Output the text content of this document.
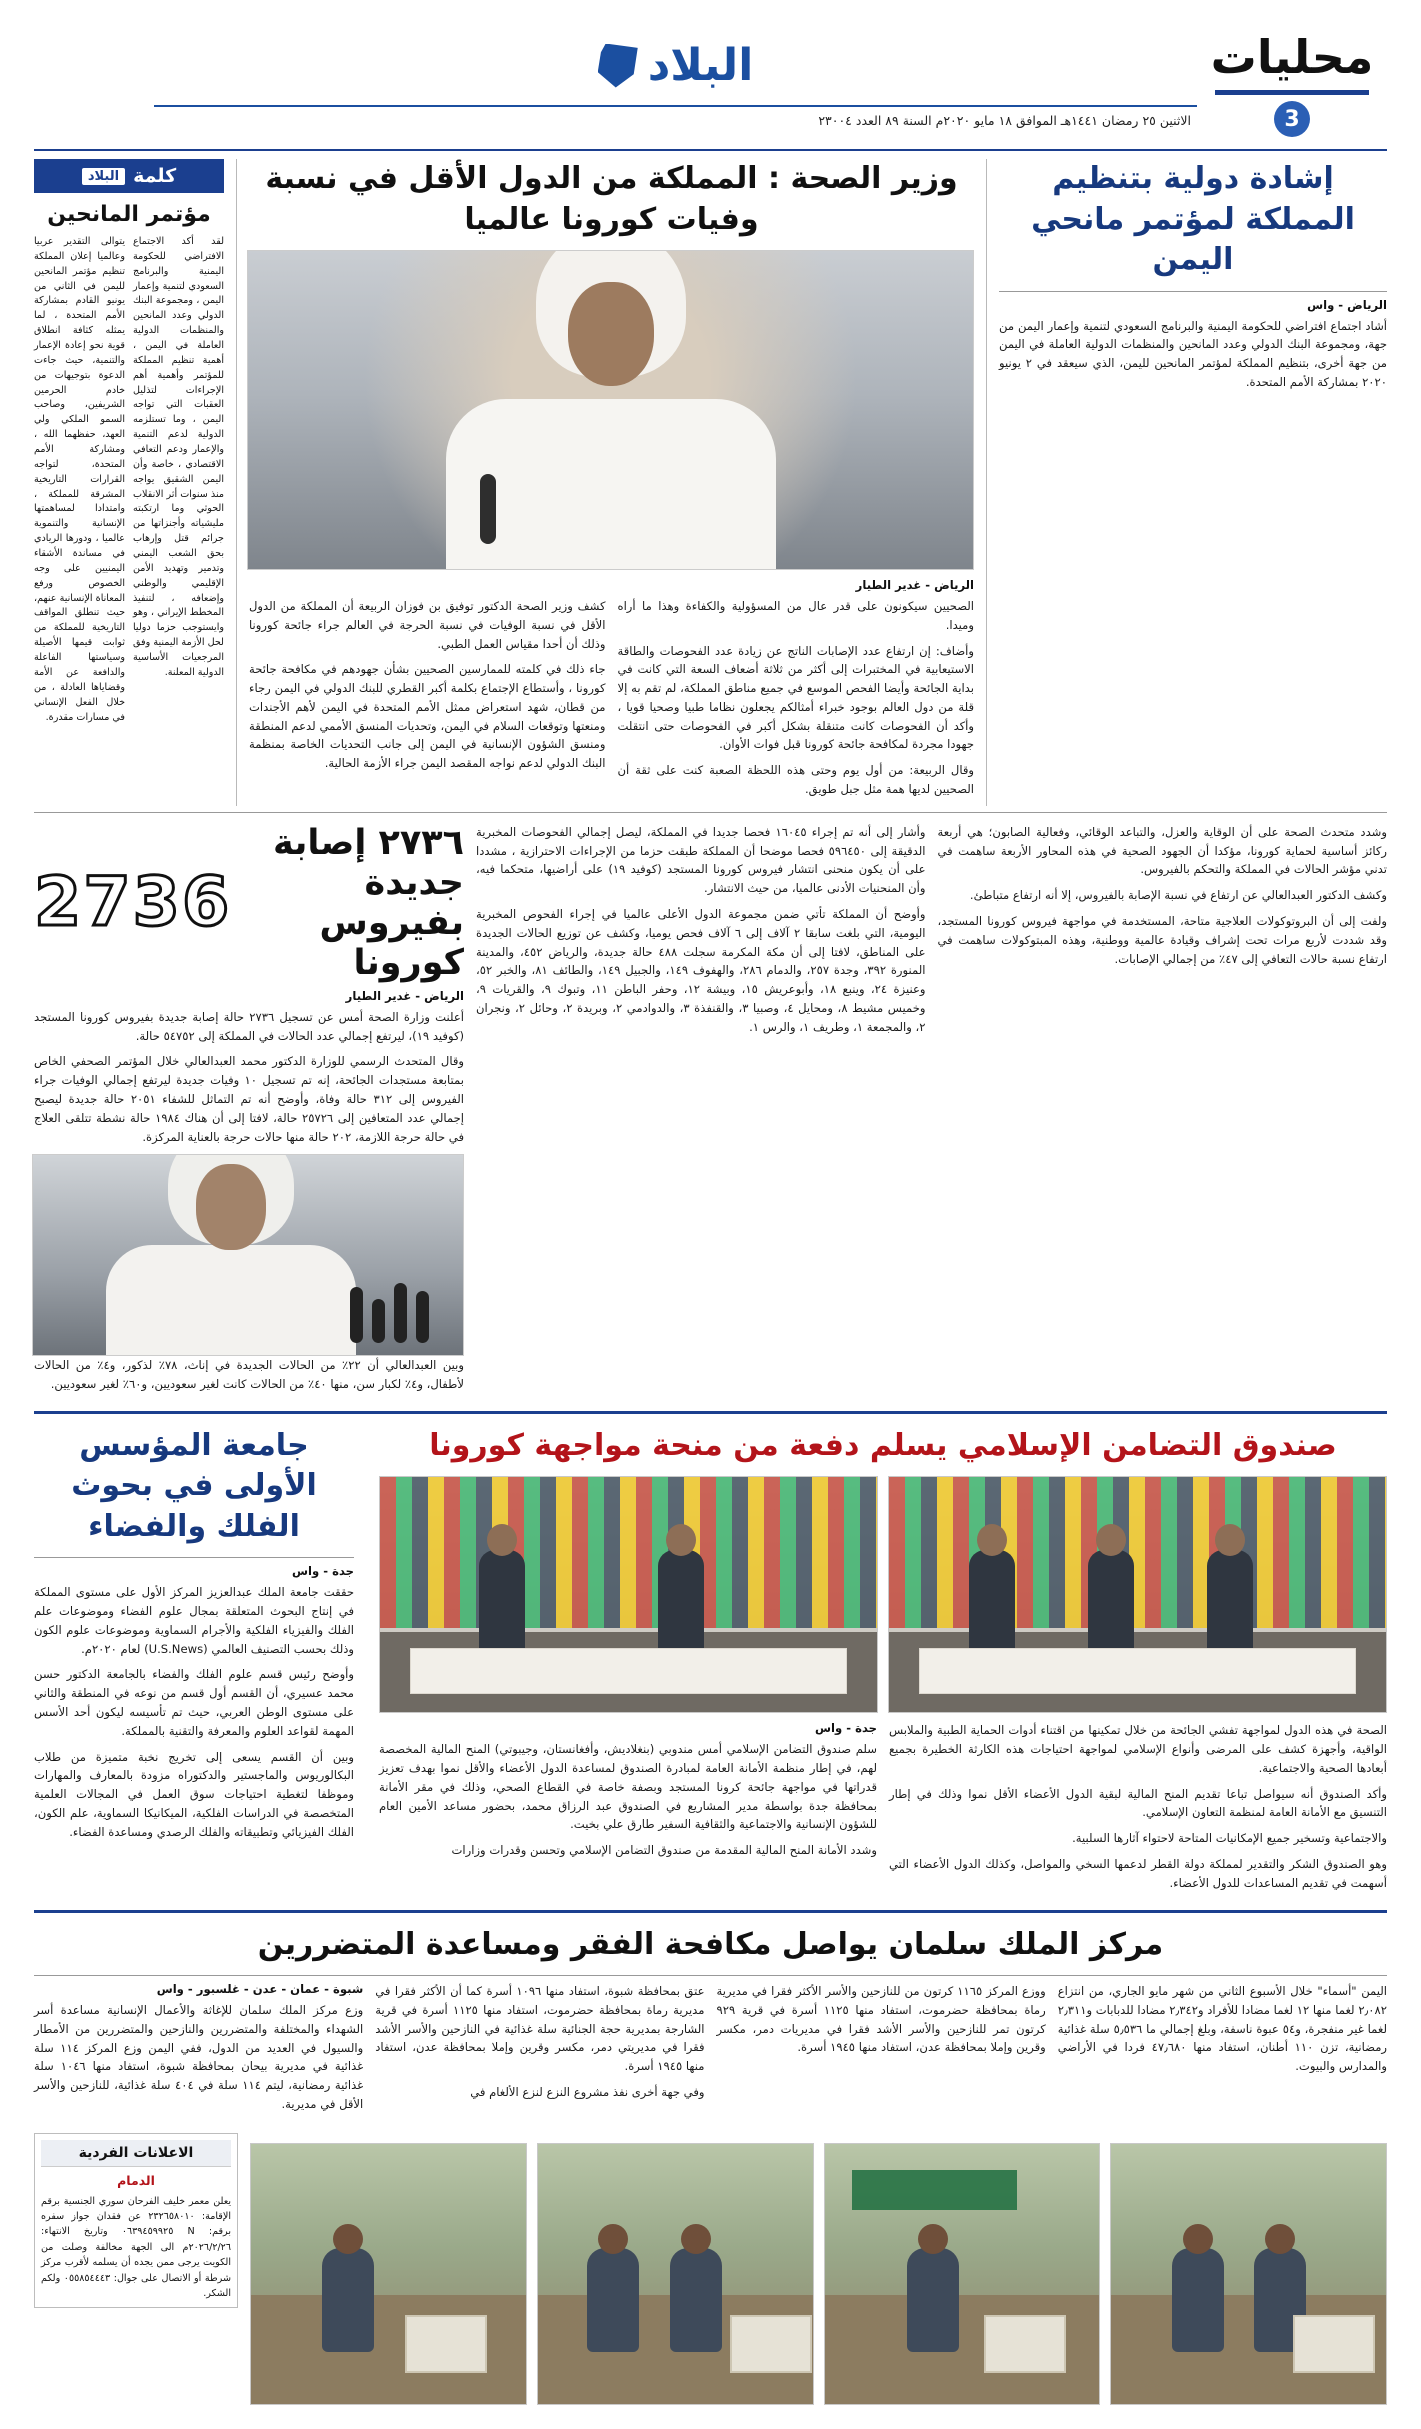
محليات
3
البلاد
الاثنين ٢٥ رمضان ١٤٤١هـ الموافق ١٨ مايو ٢٠٢٠م السنة ٨٩ العدد ٢٣٠٠٤
إشادة دولية بتنظيم المملكة لمؤتمر مانحي اليمن
الرياض - واس

أشاد اجتماع افتراضي للحكومة اليمنية والبرنامج السعودي لتنمية وإعمار اليمن من جهة، ومجموعة البنك الدولي وعدد المانحين والمنظمات الدولية العاملة في اليمن من جهة أخرى، بتنظيم المملكة لمؤتمر المانحين لليمن، الذي سيعقد في ٢ يونيو ٢٠٢٠ بمشاركة الأمم المتحدة.

وزير الصحة : المملكة من الدول الأقل في نسبة وفيات كورونا عالميا
الرياض - غدير الطيار

الصحيين سيكونون على قدر عال من المسؤولية والكفاءة وهذا ما أراه وميدا.

وأضاف: إن ارتفاع عدد الإصابات الناتج عن زيادة عدد الفحوصات والطاقة الاستيعابية في المختبرات إلى أكثر من ثلاثة أضعاف السعة التي كانت في بداية الجائحة وأيضا الفحص الموسع في جميع مناطق المملكة، لم تقم به إلا قلة من دول العالم بوجود خبراء أمثالكم يجعلون نظاما طبيا وصحيا قويا ، وأكد أن الفحوصات كانت متنقلة بشكل أكبر في الفحوصات حتى انتقلت جهودا مجردة لمكافحة جائحة كورونا قبل فوات الأوان.

وقال الربيعة: من أول يوم وحتى هذه اللحظة الصعبة كنت على ثقة أن الصحيين لديها همة مثل جبل طويق.

كشف وزير الصحة الدكتور توفيق بن فوزان الربيعة أن المملكة من الدول الأقل في نسبة الوفيات في نسبة الحرجة في العالم جراء جائحة كورونا وذلك أن أحدا مقياس العمل الطبي.

جاء ذلك في كلمته للممارسين الصحيين بشأن جهودهم في مكافحة جائحة كورونا ، وأستطاع الإجتماع بكلمة أكبر القطري للبنك الدولي في اليمن رجاء من قطان، شهد استعراض ممثل الأمم المتحدة في اليمن لأهم الأجندات ومنعتها وتوقعات السلام في اليمن، وتحديات المنسق الأممي لدعم المنطقة ومنسق الشؤون الإنسانية في اليمن إلى جانب التحديات الخاصة بمنظمة البنك الدولي لدعم نواجه المقصد اليمن جراء الأزمة الحالية.

كلمة
البلاد
مؤتمر المانحين

لقد أكد الاجتماع الافتراضي للحكومة اليمنية والبرنامج السعودي لتنمية وإعمار اليمن ، ومجموعة البنك الدولي وعدد المانحين والمنظمات الدولية العاملة في اليمن ، أهمية تنظيم المملكة للمؤتمر وأهمية أهم الإجراءات لتذليل العقبات التي تواجه اليمن ، وما تستلزمه الدولية لدعم التنمية والإعمار ودعم التعافي الاقتصادي ، خاصة وأن اليمن الشقيق يواجه منذ سنوات أثر الانقلاب الحوثي وما ارتكبته مليشياته وأجنزاتها من جرائم قتل وإرهاب بحق الشعب اليمني وتدمير وتهديد الأمن الإقليمي والوطني وإضعافه ، لتنفيذ المخطط الإيراني ، وهو وايستوجب حزما دوليا لحل الأزمة اليمنية وفق المرجعيات الأساسية الدولية المعلنة.

يتوالى التقدير عربيا وعالميا إعلان المملكة تنظيم مؤتمر المانحين لليمن في الثاني من يونيو القادم بمشاركة الأمم المتحدة ، لما يمثله كثافة انطلاق قوية نحو إعادة الإعمار والتنمية، حيث جاءت الدعوة بتوجيهات من خادم الحرمين الشريفين، وصاحب السمو الملكي ولي العهد، حفظهما الله ، ومشاركة الأمم المتحدة، لتواجه القرارات التاريخية المشرقة للمملكة ، وامتدادا لمساهمتها الإنسانية والتنموية عالميا ، ودورها الريادي في مساندة الأشقاء اليمنيين على وجه الخصوص ورفع المعاناة الإنسانية عنهم، حيث تنطلق المواقف التاريخية للمملكة من ثوابت قيمها الأصيلة وسياستها الفاعلة والدافعة عن الأمة وقضاياها العادلة ، من خلال الفعل الإنساني في مسارات مقدرة.

وشدد متحدث الصحة على أن الوقاية والعزل، والتباعد الوقائي، وفعالية الصابون؛ هي أربعة ركائز أساسية لحماية كورونا، مؤكدا أن الجهود الصحية في هذه المحاور الأربعة ساهمت في تدني مؤشر الحالات في المملكة والتحكم بالفيروس.

وكشف الدكتور العبدالعالي عن ارتفاع في نسبة الإصابة بالفيروس، إلا أنه ارتفاع متباطئ.

ولفت إلى أن البروتوكولات العلاجية متاحة، المستخدمة في مواجهة فيروس كورونا المستجد، وقد شددت لأربع مرات تحت إشراف وقيادة عالمية ووطنية، وهذه المبتوكولات ساهمت في ارتفاع نسبة حالات التعافي إلى ٤٧٪ من إجمالي الإصابات.

وأشار إلى أنه تم إجراء ١٦٠٤٥ فحصا جديدا في المملكة، ليصل إجمالي الفحوصات المخبرية الدقيقة إلى ٥٩٦٤٥٠ فحصا موضحا أن المملكة طبقت حزما من الإجراءات الاحترازية ، مشددا على أن يكون منحنى انتشار فيروس كورونا المستجد (كوفيد ١٩) على أراضيها، متحكما فيه، وأن المنحنيات الأدنى عالميا، من حيث الانتشار.

وأوضح أن المملكة تأتي ضمن مجموعة الدول الأعلى عالميا في إجراء الفحوص المخبرية اليومية، التي بلغت سابقا ٢ آلاف إلى ٦ آلاف فحص يوميا، وكشف عن توزيع الحالات الجديدة على المناطق، لافتا إلى أن مكة المكرمة سجلت ٤٨٨ حالة جديدة، والرياض ٤٥٢، والمدينة المنورة ٣٩٢، وجدة ٢٥٧، والدمام ٢٨٦، والهفوف ١٤٩، والجبيل ١٤٩، والطائف ٨١، والخبر ٥٢، وعنيزة ٢٤، وينبع ١٨، وأبوعريش ١٥، وبيشة ١٢، وحفر الباطن ١١، وتبوك ٩، والقريات ٩، وخميس مشيط ٨، ومحايل ٤، وصبيا ٣، والقنفذة ٣، والدوادمي ٢، وبريدة ٢، وحائل ٢، ونجران ٢، والمجمعة ١، وطريف ١، والرس ١.

٢٧٣٦ إصابة جديدة بفيروس كورونا
2736
الرياض - غدير الطيار

أعلنت وزارة الصحة أمس عن تسجيل ٢٧٣٦ حالة إصابة جديدة بفيروس كورونا المستجد (كوفيد ١٩)، ليرتفع إجمالي عدد الحالات في المملكة إلى ٥٤٧٥٢ حالة.

وقال المتحدث الرسمي للوزارة الدكتور محمد العبدالعالي خلال المؤتمر الصحفي الخاص بمتابعة مستجدات الجائحة، إنه تم تسجيل ١٠ وفيات جديدة ليرتفع إجمالي الوفيات جراء الفيروس إلى ٣١٢ حالة وفاة، وأوضح أنه تم التماثل للشفاء ٢٠٥١ حالة جديدة ليصبح إجمالي عدد المتعافين إلى ٢٥٧٢٦ حالة، لافتا إلى أن هناك ١٩٨٤ حالة نشطة تتلقى العلاج في حالة حرجة اللازمة، ٢٠٢ حالة منها حالات حرجة بالعناية المركزة.

وبين العبدالعالي أن ٢٢٪ من الحالات الجديدة في إناث، ٧٨٪ لذكور، و٤٪ من الحالات لأطفال، و٤٪ لكبار سن، منها ٤٠٪ من الحالات كانت لغير سعوديين، و٦٠٪ لغير سعوديين.

صندوق التضامن الإسلامي يسلم دفعة من منحة مواجهة كورونا

الصحة في هذه الدول لمواجهة تفشي الجائحة من خلال تمكينها من اقتناء أدوات الحماية الطبية والملابس الواقية، وأجهزة كشف على المرضى وأنواع الإسلامي لمواجهة احتياجات هذه الكارثة الخطيرة بجميع أبعادها الصحية والاجتماعية.

وأكد الصندوق أنه سيواصل تباعا تقديم المنح المالية لبقية الدول الأعضاء الأقل نموا وذلك في إطار التنسيق مع الأمانة العامة لمنظمة التعاون الإسلامي.

والاجتماعية وتسخير جميع الإمكانيات المتاحة لاحتواء آثارها السلبية.

وهو الصندوق الشكر والتقدير لمملكة دولة القطر لدعمها السخي والمواصل، وكذلك الدول الأعضاء التي أسهمت في تقديم المساعدات للدول الأعضاء.

جدة - واس

سلم صندوق التضامن الإسلامي أمس مندوبي (بنغلاديش، وأفغانستان، وجيبوتي) المنح المالية المخصصة لهم، في إطار منظمة الأمانة العامة لمبادرة الصندوق لمساعدة الدول الأعضاء والأقل نموا بهدف تعزيز قدراتها في مواجهة جائحة كرونا المستجد وبصفة خاصة في القطاع الصحي، وذلك في مقر الأمانة بمحافظة جدة بواسطة مدير المشاريع في الصندوق عبد الرزاق محمد، بحضور مساعد الأمين العام للشؤون الإنسانية والاجتماعية والثقافية السفير طارق علي بخيت.

وشدد الأمانة المنح المالية المقدمة من صندوق التضامن الإسلامي وتحسن وقدرات وزارات

جامعة المؤسس الأولى في بحوث الفلك والفضاء
جدة - واس

حققت جامعة الملك عبدالعزيز المركز الأول على مستوى المملكة في إنتاج البحوث المتعلقة بمجال علوم الفضاء وموضوعات علم الفلك والفيزياء الفلكية والأجرام السماوية وموضوعات علوم الكون وذلك بحسب التصنيف العالمي (U.S.News) لعام ٢٠٢٠م.

وأوضح رئيس قسم علوم الفلك والفضاء بالجامعة الدكتور حسن محمد عسيري، أن القسم أول قسم من نوعه في المنطقة والثاني على مستوى الوطن العربي، حيث تم تأسيسه ليكون أحد الأسس المهمة لقواعد العلوم والمعرفة والتقنية بالمملكة.

وبين أن القسم يسعى إلى تخريج نخبة متميزة من طلاب البكالوريوس والماجستير والدكتوراه مزودة بالمعارف والمهارات وموظفا لتغطية احتياجات سوق العمل في المجالات العلمية المتخصصة في الدراسات الفلكية، الميكانيكا السماوية، علم الكون، الفلك الفيزيائي وتطبيقاته والفلك الرصدي ومساعدة الفضاء.

مركز الملك سلمان يواصل مكافحة الفقر ومساعدة المتضررين

اليمن "أسماء" خلال الأسبوع الثاني من شهر مايو الجاري، من انتزاع ٢٫٠٨٢ لغما منها ١٢ لغما مضادا للأفراد و٢٫٣٤٢ مضادا للدبابات و٢٫٣١١ لغما غير منفجرة، و٥٤ عبوة ناسفة، وبلغ إجمالي ما ٥٫٥٣٦ سلة غذائية رمضانية، تزن ١١٠ أطنان، استفاد منها ٤٧٫٦٨٠ فردا في الأراضي والمدارس والبيوت.

ووزع المركز ١١٦٥ كرتون من للنازحين والأسر الأكثر فقرا في مديرية رماة بمحافظة حضرموت، استفاد منها ١١٢٥ أسرة في قرية ٩٢٩ كرتون تمر للنازحين والأسر الأشد فقرا في مديريات دمر، مكسر وقرين وإملا بمحافظة عدن، استفاد منها ١٩٤٥ أسرة.

عتق بمحافظة شبوة، استفاد منها ١٠٩٦ أسرة كما أن الأكثر فقرا في مديرية رماة بمحافظة حضرموت، استفاد منها ١١٢٥ أسرة في قرية الشارجة بمديرية حجة الجنائية سلة غذائية في النازحين والأسر الأشد فقرا في مديريتي دمر، مكسر وقرين وإملا بمحافظة عدن، استفاد منها ١٩٤٥ أسرة.

وفي جهة أخرى نفذ مشروع النزع لنزع الألغام في

شبوة - عمان - عدن - غلسبور - واس

وزع مركز الملك سلمان للإغاثة والأعمال الإنسانية مساعدة أسر الشهداء والمختلفة والمتضررين والنازحين والمتضررين من الأمطار والسيول في العديد من الدول، ففي اليمن وزع المركز ١١٤ سلة غذائية في مديرية بيحان بمحافظة شبوة، استفاد منها ١٠٤٦ سلة غذائية رمضانية، ليتم ١١٤ سلة في ٤٠٤ سلة غذائية، للنازحين والأسر الأقل في مديرية.

الاعلانات الفردية
الدمام
يعلن معمر خليف الفرحان سوري الجنسية برقم الإقامة: ٢٣٢٦٥٨٠١٠ عن فقدان جواز سفره برقم: N ٠٦٣٩٤٥٩٩٢٥ وتاريخ الانتهاء: ٢٠٢٦/٢/٢٦م الى الجهة مخالفة وصلت من الكويت يرجى ممن يجده أن يسلمه لأقرب مركز شرطة أو الاتصال على جوال: ٠٥٥٨٥٤٤٤٣ ولكم الشكر.
